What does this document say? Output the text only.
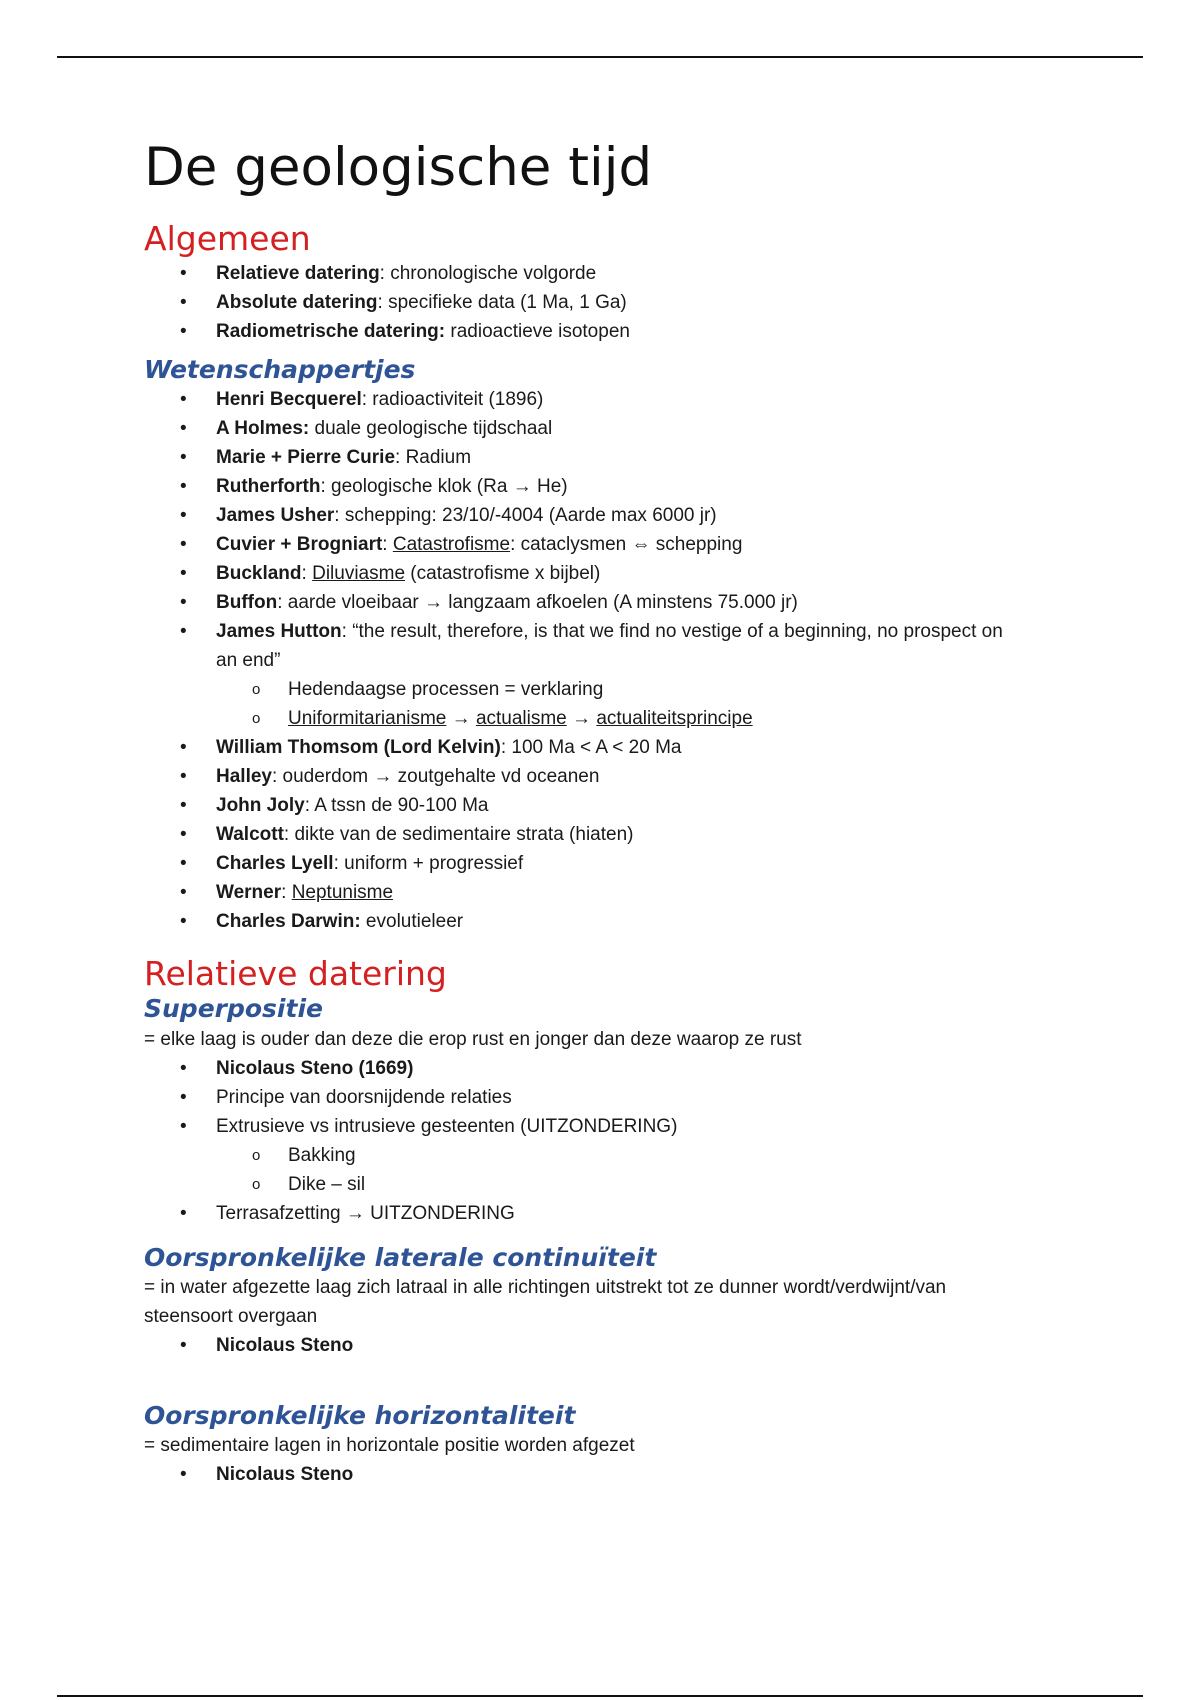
De geologische tijd
Algemeen
• Relatieve datering: chronologische volgorde
• Absolute datering: specifieke data (1 Ma, 1 Ga)
• Radiometrische datering: radioactieve isotopen
Wetenschappertjes
• Henri Becquerel: radioactiviteit (1896)
• A Holmes: duale geologische tijdschaal
• Marie + Pierre Curie: Radium
• Rutherforth: geologische klok (Ra → He)
• James Usher: schepping: 23/10/-4004 (Aarde max 6000 jr)
• Cuvier + Brogniart: Catastrofisme: cataclysmen ⇔ schepping
• Buckland: Diluviasme (catastrofisme x bijbel)
• Buffon: aarde vloeibaar → langzaam afkoelen (A minstens 75.000 jr)
• James Hutton: “the result, therefore, is that we find no vestige of a beginning, no prospect on an end”
o Hedendaagse processen = verklaring
o Uniformitarianisme → actualisme → actualiteitsprincipe
• William Thomsom (Lord Kelvin): 100 Ma < A < 20 Ma
• Halley: ouderdom → zoutgehalte vd oceanen
• John Joly: A tssn de 90-100 Ma
• Walcott: dikte van de sedimentaire strata (hiaten)
• Charles Lyell: uniform + progressief
• Werner: Neptunisme
• Charles Darwin: evolutieleer
Relatieve datering
Superpositie
= elke laag is ouder dan deze die erop rust en jonger dan deze waarop ze rust
• Nicolaus Steno (1669)
• Principe van doorsnijdende relaties
• Extrusieve vs intrusieve gesteenten (UITZONDERING)
o Bakking
o Dike – sil
• Terrasafzetting → UITZONDERING
Oorspronkelijke laterale continuïteit
= in water afgezette laag zich latraal in alle richtingen uitstrekt tot ze dunner wordt/verdwijnt/van steensoort overgaan
• Nicolaus Steno
Oorspronkelijke horizontaliteit
= sedimentaire lagen in horizontale positie worden afgezet
• Nicolaus Steno
